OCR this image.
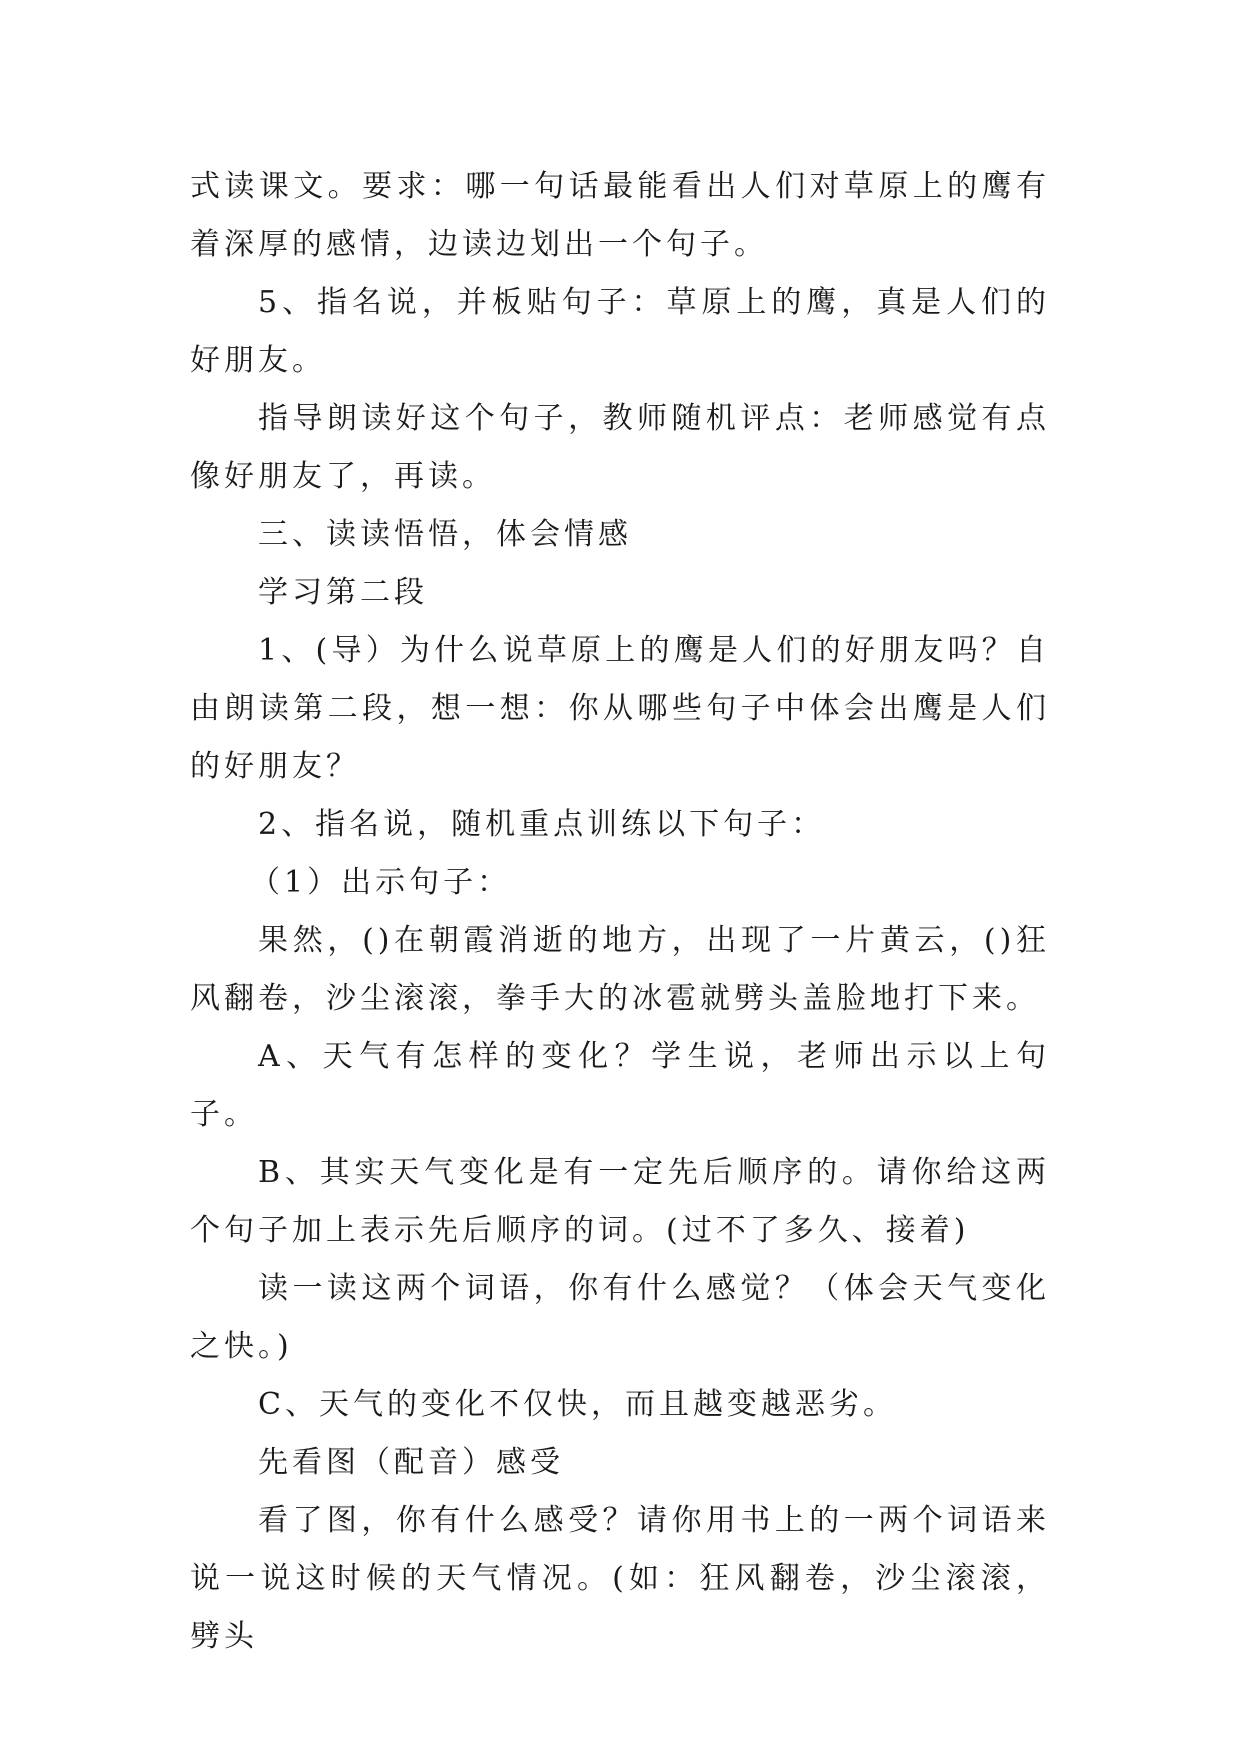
式读课文。要求：哪一句话最能看出人们对草原上的鹰有着深厚的感情，边读边划出一个句子。

5、指名说，并板贴句子：草原上的鹰，真是人们的好朋友。

指导朗读好这个句子，教师随机评点：老师感觉有点像好朋友了，再读。

三、读读悟悟，体会情感

学习第二段

1、(导）为什么说草原上的鹰是人们的好朋友吗？自由朗读第二段，想一想：你从哪些句子中体会出鹰是人们的好朋友？

2、指名说，随机重点训练以下句子：

（1）出示句子：

果然，()在朝霞消逝的地方，出现了一片黄云，()狂风翻卷，沙尘滚滚，拳手大的冰雹就劈头盖脸地打下来。

A、天气有怎样的变化？学生说，老师出示以上句子。

B、其实天气变化是有一定先后顺序的。请你给这两个句子加上表示先后顺序的词。(过不了多久、接着)

读一读这两个词语，你有什么感觉？（体会天气变化之快。)

C、天气的变化不仅快，而且越变越恶劣。

先看图（配音）感受

看了图，你有什么感受？请你用书上的一两个词语来说一说这时候的天气情况。(如：狂风翻卷，沙尘滚滚，劈头
